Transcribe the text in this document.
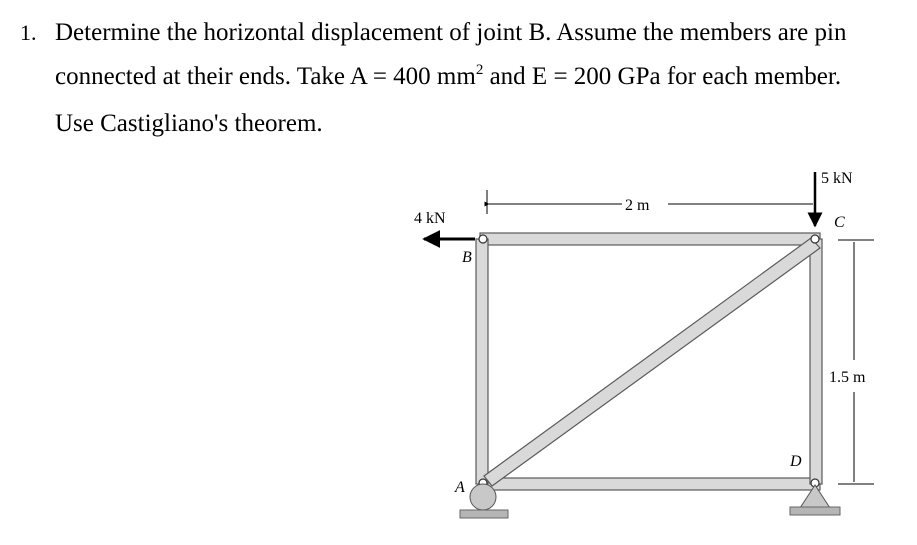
1. Determine the horizontal displacement of joint B. Assume the members are pin
connected at their ends. Take A = 400 $mm^2$ and E = 200 GPa for each member.
Use Castigliano's theorem.
2 m
1.5 m
4 kN
5 kN
B
C
A
D
